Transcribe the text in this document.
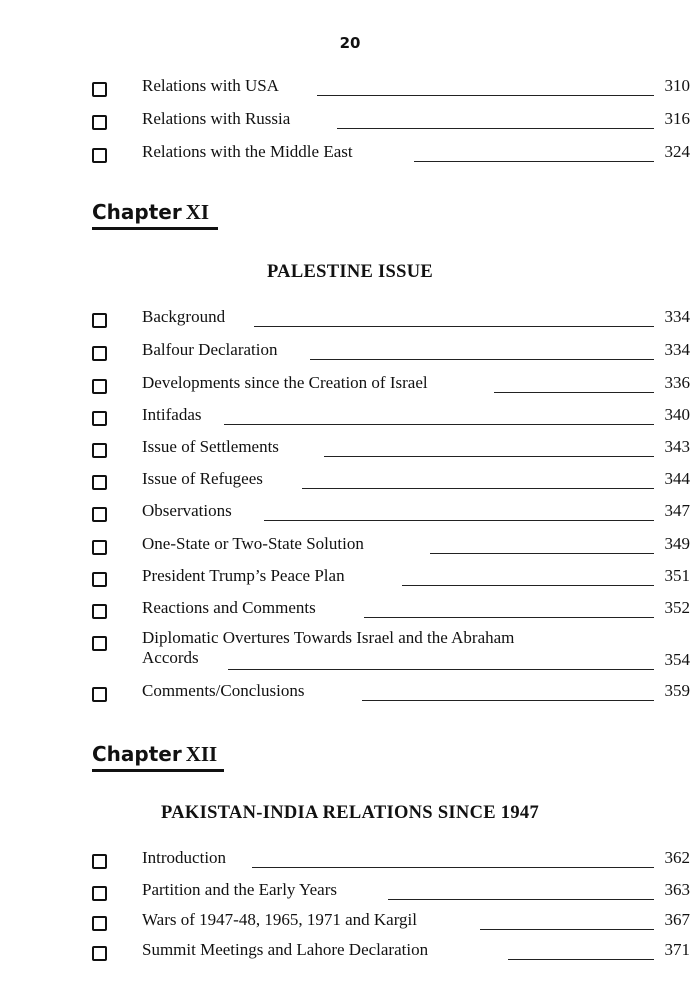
20
Relations with USA	310
Relations with Russia	316
Relations with the Middle East	324
Chapter XI
PALESTINE ISSUE
Background	334
Balfour Declaration	334
Developments since the Creation of Israel	336
Intifadas	340
Issue of Settlements	343
Issue of Refugees	344
Observations	347
One-State or Two-State Solution	349
President Trump’s Peace Plan	351
Reactions and Comments	352
Diplomatic Overtures Towards Israel and the Abraham
Accords	354
Comments/Conclusions	359
Chapter XII
PAKISTAN-INDIA RELATIONS SINCE 1947
Introduction	362
Partition and the Early Years	363
Wars of 1947-48, 1965, 1971 and Kargil	367
Summit Meetings and Lahore Declaration	371
